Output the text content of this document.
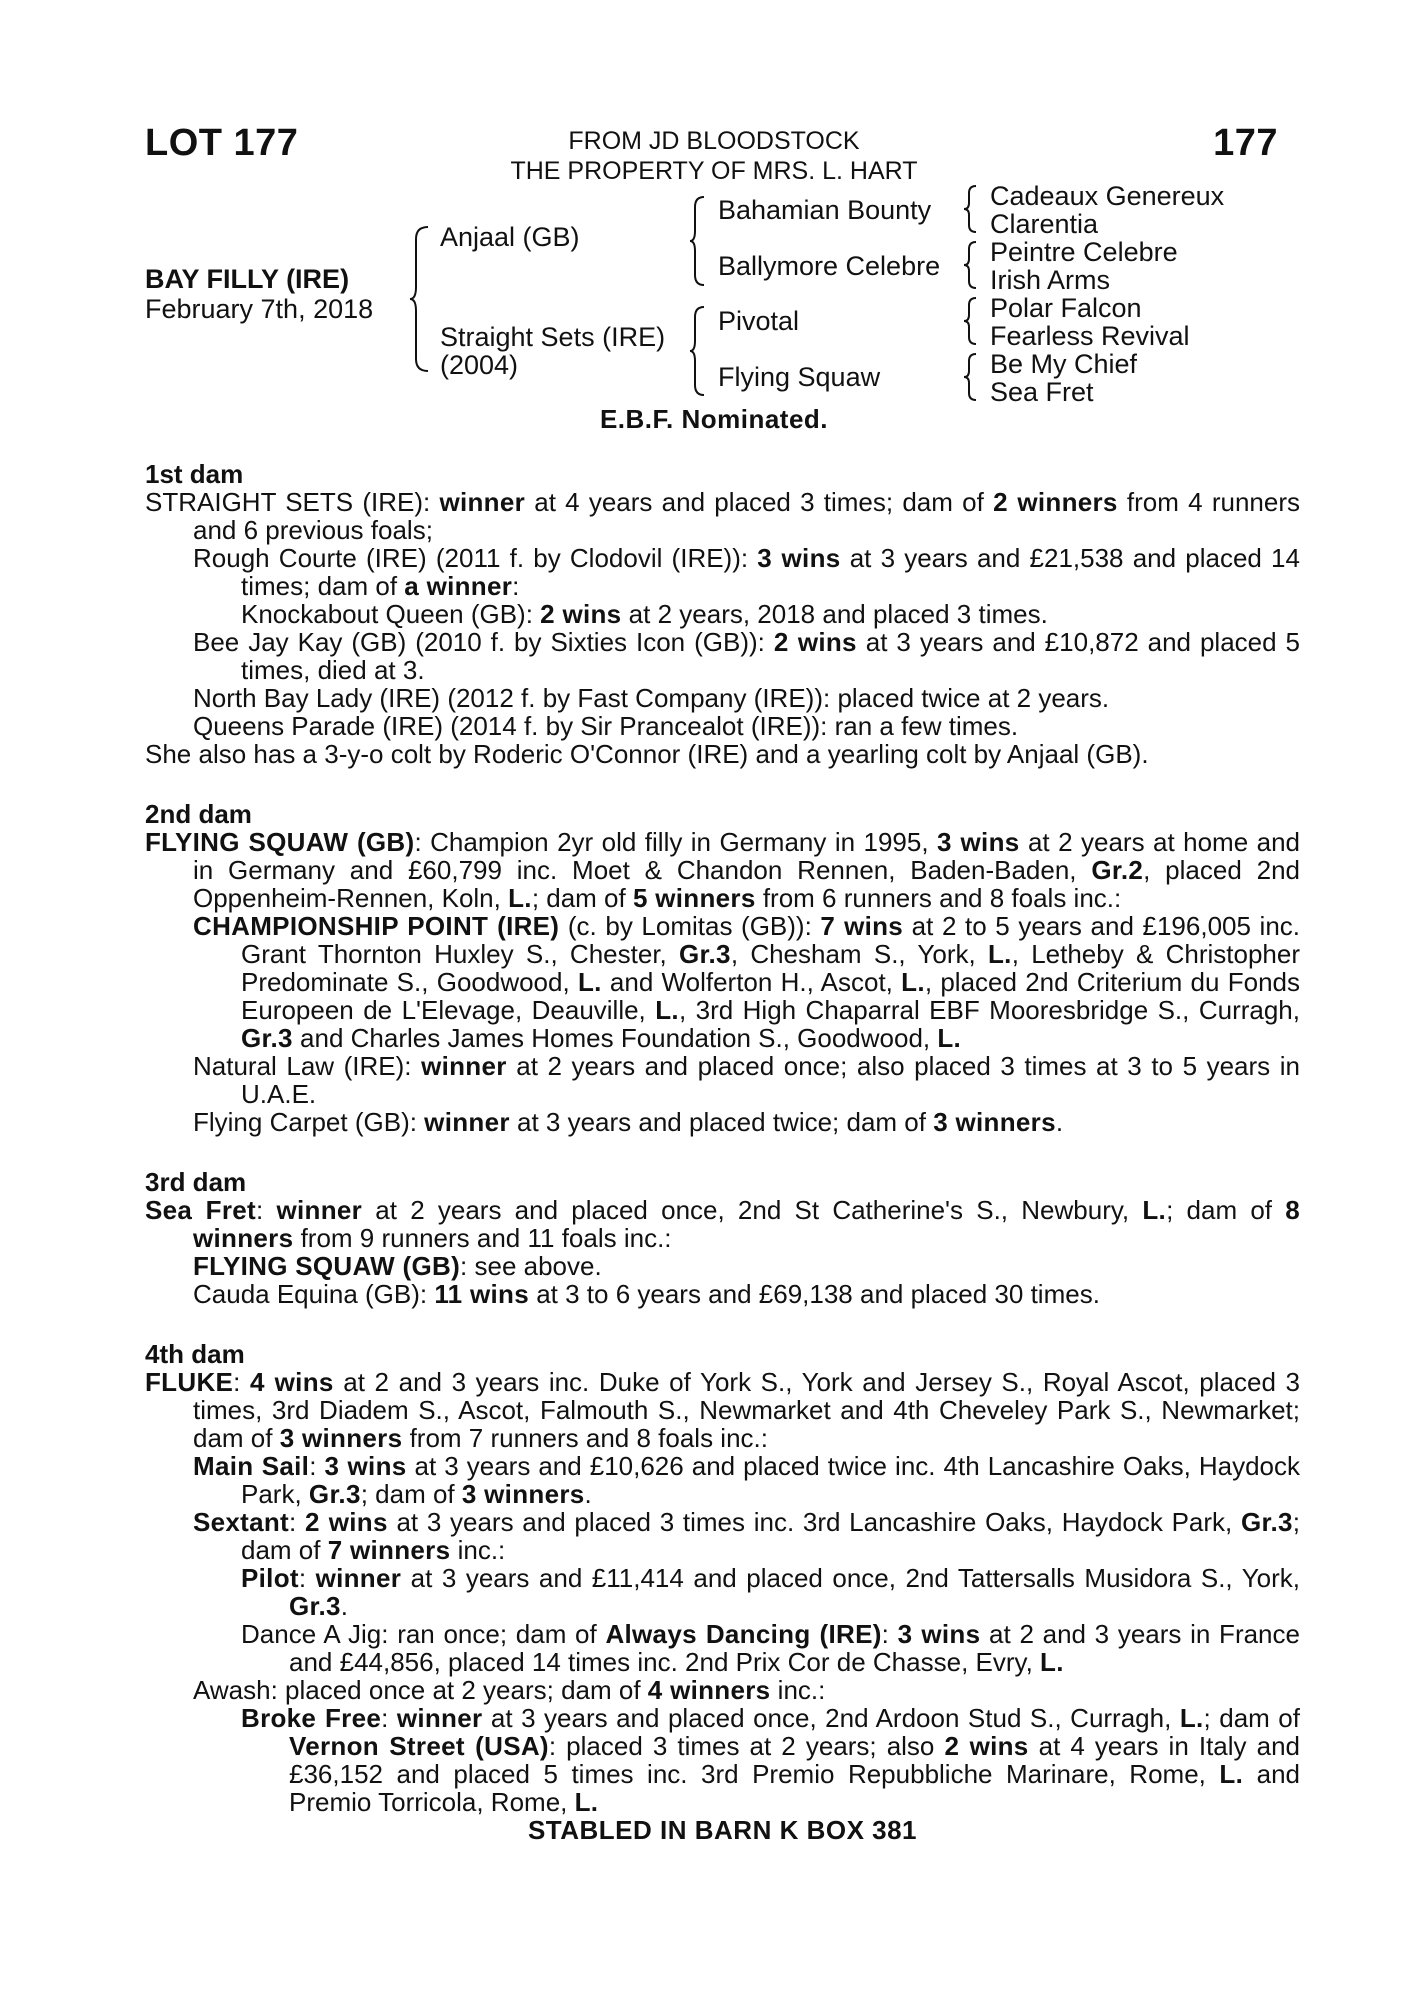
LOT 177	FROM JD BLOODSTOCK
THE PROPERTY OF MRS. L. HART
177
BAY FILLY (IRE)
February 7th, 2018
Anjaal (GB)
Straight Sets (IRE)
(2004)
Bahamian Bounty
Ballymore Celebre
Pivotal
Flying Squaw
Cadeaux Genereux
Clarentia
Peintre Celebre
Irish Arms
Polar Falcon
Fearless Revival
Be My Chief
Sea Fret
E.B.F. Nominated.
1st dam
STRAIGHT SETS (IRE): winner at 4 years and placed 3 times; dam of 2 winners from 4 runners and 6 previous foals;
Rough Courte (IRE) (2011 f. by Clodovil (IRE)): 3 wins at 3 years and £21,538 and placed 14 times; dam of a winner:
Knockabout Queen (GB): 2 wins at 2 years, 2018 and placed 3 times.
Bee Jay Kay (GB) (2010 f. by Sixties Icon (GB)): 2 wins at 3 years and £10,872 and placed 5 times, died at 3.
North Bay Lady (IRE) (2012 f. by Fast Company (IRE)): placed twice at 2 years.
Queens Parade (IRE) (2014 f. by Sir Prancealot (IRE)): ran a few times.
She also has a 3-y-o colt by Roderic O'Connor (IRE) and a yearling colt by Anjaal (GB).
2nd dam
FLYING SQUAW (GB): Champion 2yr old filly in Germany in 1995, 3 wins at 2 years at home and in Germany and £60,799 inc. Moet & Chandon Rennen, Baden-Baden, Gr.2, placed 2nd Oppenheim-Rennen, Koln, L.; dam of 5 winners from 6 runners and 8 foals inc.:
CHAMPIONSHIP POINT (IRE) (c. by Lomitas (GB)): 7 wins at 2 to 5 years and £196,005 inc. Grant Thornton Huxley S., Chester, Gr.3, Chesham S., York, L., Letheby & Christopher Predominate S., Goodwood, L. and Wolferton H., Ascot, L., placed 2nd Criterium du Fonds Europeen de L'Elevage, Deauville, L., 3rd High Chaparral EBF Mooresbridge S., Curragh, Gr.3 and Charles James Homes Foundation S., Goodwood, L.
Natural Law (IRE): winner at 2 years and placed once; also placed 3 times at 3 to 5 years in U.A.E.
Flying Carpet (GB): winner at 3 years and placed twice; dam of 3 winners.
3rd dam
Sea Fret: winner at 2 years and placed once, 2nd St Catherine's S., Newbury, L.; dam of 8 winners from 9 runners and 11 foals inc.:
FLYING SQUAW (GB): see above.
Cauda Equina (GB): 11 wins at 3 to 6 years and £69,138 and placed 30 times.
4th dam
FLUKE: 4 wins at 2 and 3 years inc. Duke of York S., York and Jersey S., Royal Ascot, placed 3 times, 3rd Diadem S., Ascot, Falmouth S., Newmarket and 4th Cheveley Park S., Newmarket; dam of 3 winners from 7 runners and 8 foals inc.:
Main Sail: 3 wins at 3 years and £10,626 and placed twice inc. 4th Lancashire Oaks, Haydock Park, Gr.3; dam of 3 winners.
Sextant: 2 wins at 3 years and placed 3 times inc. 3rd Lancashire Oaks, Haydock Park, Gr.3; dam of 7 winners inc.:
Pilot: winner at 3 years and £11,414 and placed once, 2nd Tattersalls Musidora S., York, Gr.3.
Dance A Jig: ran once; dam of Always Dancing (IRE): 3 wins at 2 and 3 years in France and £44,856, placed 14 times inc. 2nd Prix Cor de Chasse, Evry, L.
Awash: placed once at 2 years; dam of 4 winners inc.:
Broke Free: winner at 3 years and placed once, 2nd Ardoon Stud S., Curragh, L.; dam of Vernon Street (USA): placed 3 times at 2 years; also 2 wins at 4 years in Italy and £36,152 and placed 5 times inc. 3rd Premio Repubbliche Marinare, Rome, L. and Premio Torricola, Rome, L.
STABLED IN BARN K BOX 381
